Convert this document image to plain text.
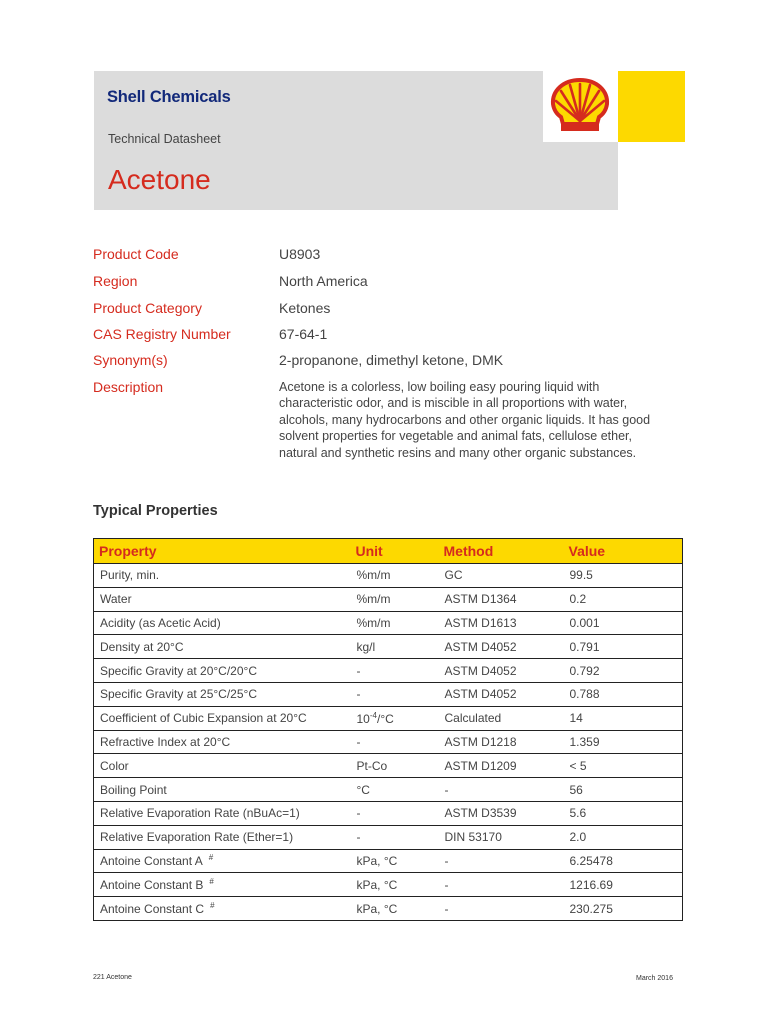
Shell Chemicals
Technical Datasheet
Acetone
Product Code	U8903
Region	North America
Product Category	Ketones
CAS Registry Number	67-64-1
Synonym(s)	2-propanone, dimethyl ketone, DMK
Description	Acetone is a colorless, low boiling easy pouring liquid with
characteristic odor, and is miscible in all proportions with water,
alcohols, many hydrocarbons and other organic liquids. It has good
solvent properties for vegetable and animal fats, cellulose ether,
natural and synthetic resins and many other organic substances.
Typical Properties
Property	Unit	Method	Value
Purity, min.	%m/m	GC	99.5
Water	%m/m	ASTM D1364	0.2
Acidity (as Acetic Acid)	%m/m	ASTM D1613	0.001
Density at 20°C	kg/l	ASTM D4052	0.791
Specific Gravity at 20°C/20°C	-	ASTM D4052	0.792
Specific Gravity at 25°C/25°C	-	ASTM D4052	0.788
Coefficient of Cubic Expansion at 20°C	$10^{-4}/^\circ C$	Calculated	14
Refractive Index at 20°C	-	ASTM D1218	1.359
Color	Pt-Co	ASTM D1209	< 5
Boiling Point	°C	-	56
Relative Evaporation Rate (nBuAc=1)	-	ASTM D3539	5.6
Relative Evaporation Rate (Ether=1)	-	DIN 53170	2.0
Antoine Constant A #	kPa, °C	-	6.25478
Antoine Constant B #	kPa, °C	-	1216.69
Antoine Constant C #	kPa, °C	-	230.275
221 Acetone	March 2016
